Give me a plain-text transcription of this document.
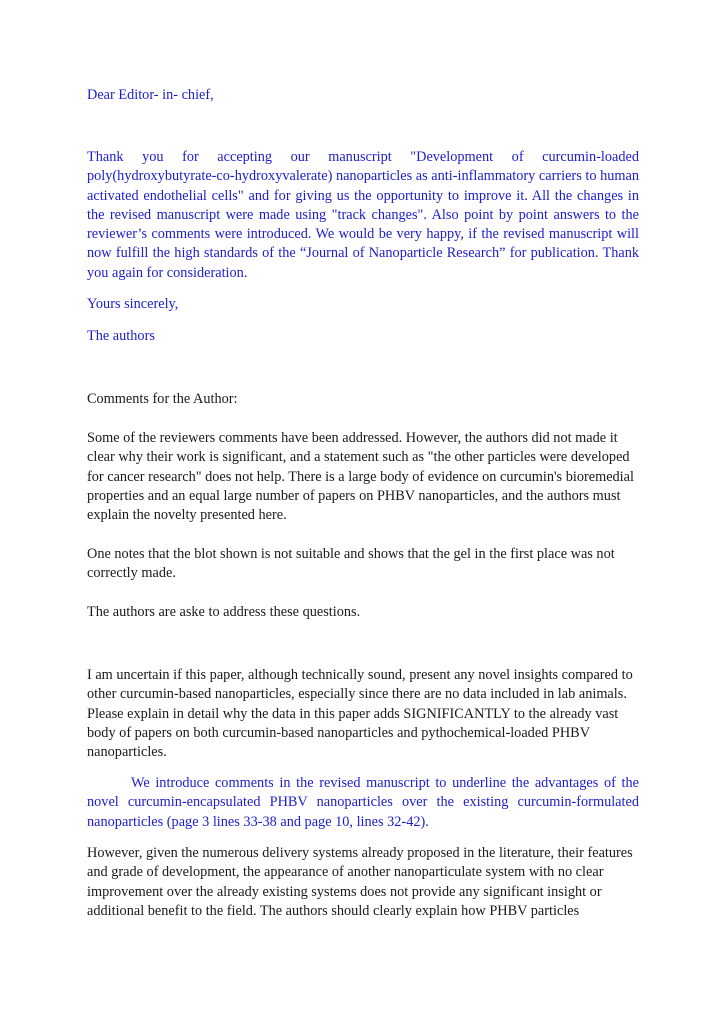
Dear Editor- in- chief,

Thank you for accepting our manuscript "Development of curcumin-loaded poly(hydroxybutyrate-co-hydroxyvalerate) nanoparticles as anti-inflammatory carriers to human activated endothelial cells" and for giving us the opportunity to improve it. All the changes in the revised manuscript were made using "track changes". Also point by point answers to the reviewer’s comments were introduced. We would be very happy, if the revised manuscript will now fulfill the high standards of the “Journal of Nanoparticle Research” for publication. Thank you again for consideration.

Yours sincerely,

The authors

Comments for the Author:

Some of the reviewers comments have been addressed. However, the authors did not made it clear why their work is significant, and a statement such as "the other particles were developed for cancer research" does not help. There is a large body of evidence on curcumin's bioremedial properties and an equal large number of papers on PHBV nanoparticles, and the authors must explain the novelty presented here.

One notes that the blot shown is not suitable and shows that the gel in the first place was not correctly made.

The authors are aske to address these questions.

I am uncertain if this paper, although technically sound, present any novel insights compared to other curcumin-based nanoparticles, especially since there are no data included in lab animals. Please explain in detail why the data in this paper adds SIGNIFICANTLY to the already vast body of papers on both curcumin-based nanoparticles and pythochemical-loaded PHBV nanoparticles.

We introduce comments in the revised manuscript to underline the advantages of the novel curcumin-encapsulated PHBV nanoparticles over the existing curcumin-formulated nanoparticles (page 3 lines 33-38 and page 10, lines 32-42).

However, given the numerous delivery systems already proposed in the literature, their features and grade of development, the appearance of another nanoparticulate system with no clear improvement over the already existing systems does not provide any significant insight or additional benefit to the field. The authors should clearly explain how PHBV particles
